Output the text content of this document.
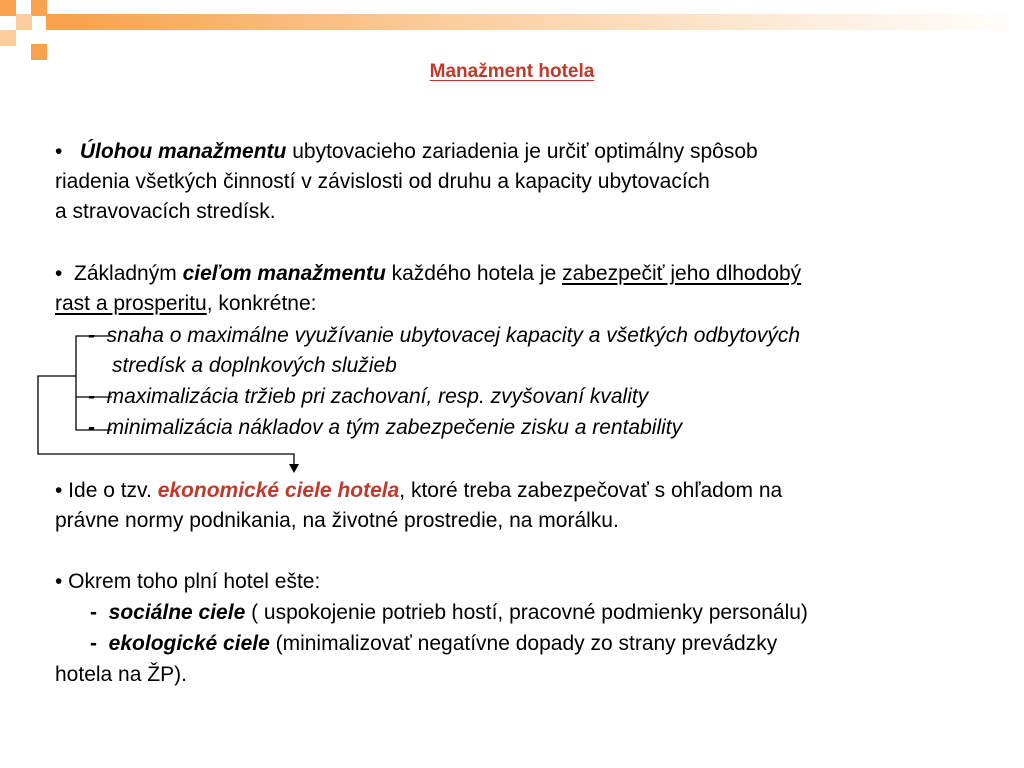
Manažment hotela
• Úlohou manažmentu ubytovacieho zariadenia je určiť optimálny spôsob
riadenia všetkých činností v závislosti od druhu a kapacity ubytovacích
a stravovacích stredísk.
• Základným cieľom manažmentu každého hotela je zabezpečiť jeho dlhodobý
rast a prosperitu, konkrétne:
- snaha o maximálne využívanie ubytovacej kapacity a všetkých odbytových
stredísk a doplnkových služieb
- maximalizácia tržieb pri zachovaní, resp. zvyšovaní kvality
- minimalizácia nákladov a tým zabezpečenie zisku a rentability
• Ide o tzv. ekonomické ciele hotela, ktoré treba zabezpečovať s ohľadom na
právne normy podnikania, na životné prostredie, na morálku.
• Okrem toho plní hotel ešte:
- sociálne ciele ( uspokojenie potrieb hostí, pracovné podmienky personálu)
- ekologické ciele (minimalizovať negatívne dopady zo strany prevádzky
hotela na ŽP).
